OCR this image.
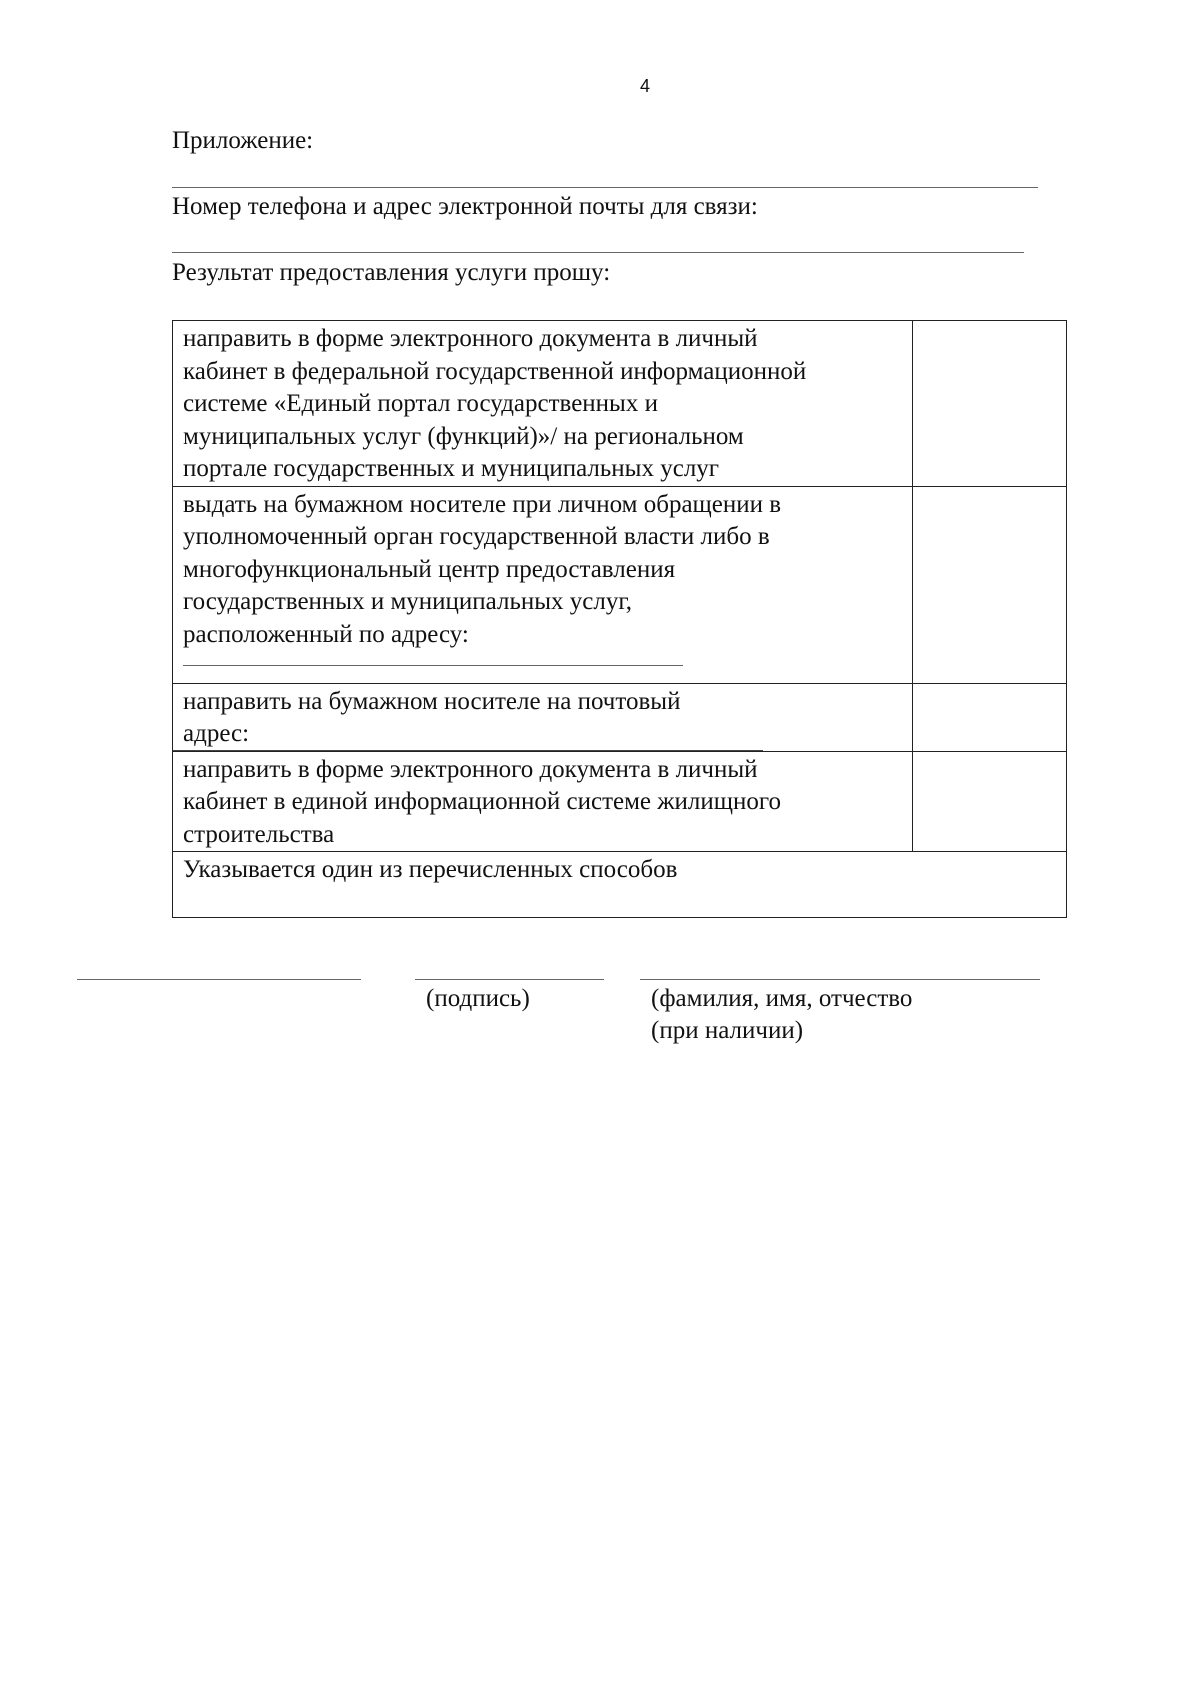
4
Приложение:
Номер телефона и адрес электронной почты для связи:
Результат предоставления услуги прошу:
направить в форме электронного документа в личный
кабинет в федеральной государственной информационной
системе «Единый портал государственных и
муниципальных услуг (функций)»/ на региональном
портале государственных и муниципальных услуг	

выдать на бумажном носителе при личном обращении в
уполномоченный орган государственной власти либо в
многофункциональный центр предоставления
государственных и муниципальных услуг,
расположенный по адресу:	

направить на бумажном носителе на почтовый
адрес:	

направить в форме электронного документа в личный
кабинет в единой информационной системе жилищного
строительства	

Указывается один из перечисленных способов	
(подпись)	(фамилия, имя, отчество
(при наличии)
